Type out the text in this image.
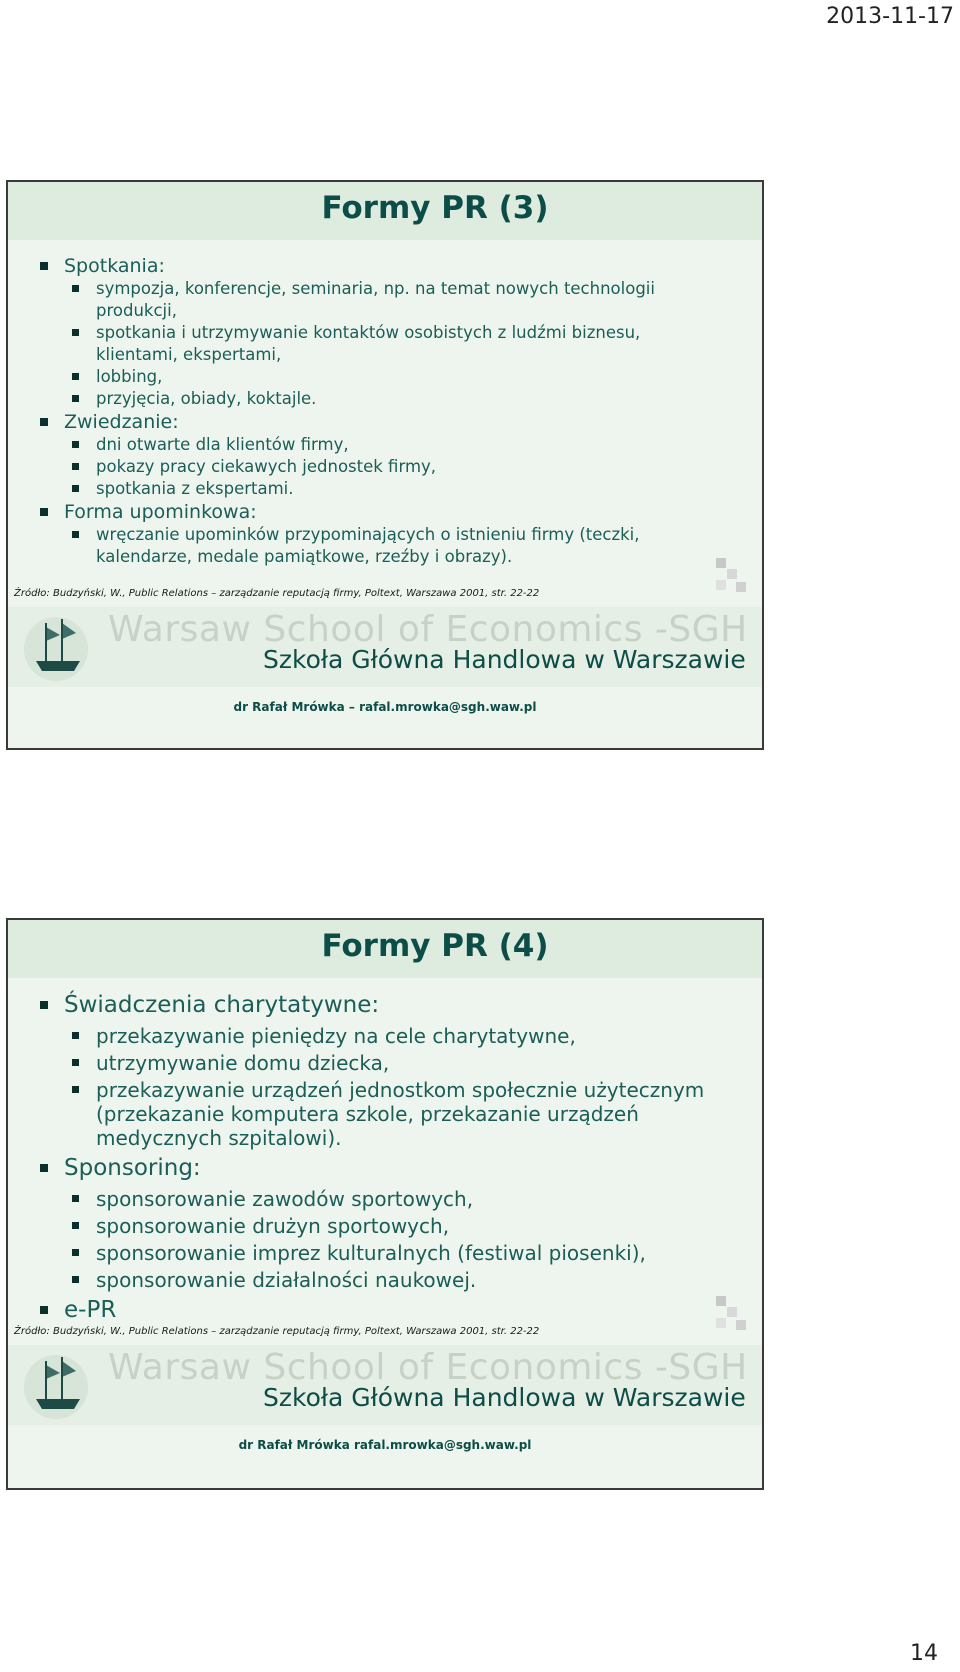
2013-11-17
Formy PR (3)
Spotkania:
sympozja, konferencje, seminaria, np. na temat nowych technologii produkcji,
spotkania i utrzymywanie kontaktów osobistych z ludźmi biznesu, klientami, ekspertami,
lobbing,
przyjęcia, obiady, koktajle.
Zwiedzanie:
dni otwarte dla klientów firmy,
pokazy pracy ciekawych jednostek firmy,
spotkania z ekspertami.
Forma upominkowa:
wręczanie upominków przypominających o istnieniu firmy (teczki, kalendarze, medale pamiątkowe, rzeźby i obrazy).
Źródło: Budzyński, W., Public Relations – zarządzanie reputacją firmy, Poltext, Warszawa 2001, str. 22-22
Warsaw School of Economics -SGH
Szkoła Główna Handlowa w Warszawie
dr Rafał Mrówka – rafal.mrowka@sgh.waw.pl
Formy PR (4)
Świadczenia charytatywne:
przekazywanie pieniędzy na cele charytatywne,
utrzymywanie domu dziecka,
przekazywanie urządzeń jednostkom społecznie użytecznym (przekazanie komputera szkole, przekazanie urządzeń medycznych szpitalowi).
Sponsoring:
sponsorowanie zawodów sportowych,
sponsorowanie drużyn sportowych,
sponsorowanie imprez kulturalnych (festiwal piosenki),
sponsorowanie działalności naukowej.
e-PR
Źródło: Budzyński, W., Public Relations – zarządzanie reputacją firmy, Poltext, Warszawa 2001, str. 22-22
Warsaw School of Economics -SGH
Szkoła Główna Handlowa w Warszawie
dr Rafał Mrówka rafal.mrowka@sgh.waw.pl
14
